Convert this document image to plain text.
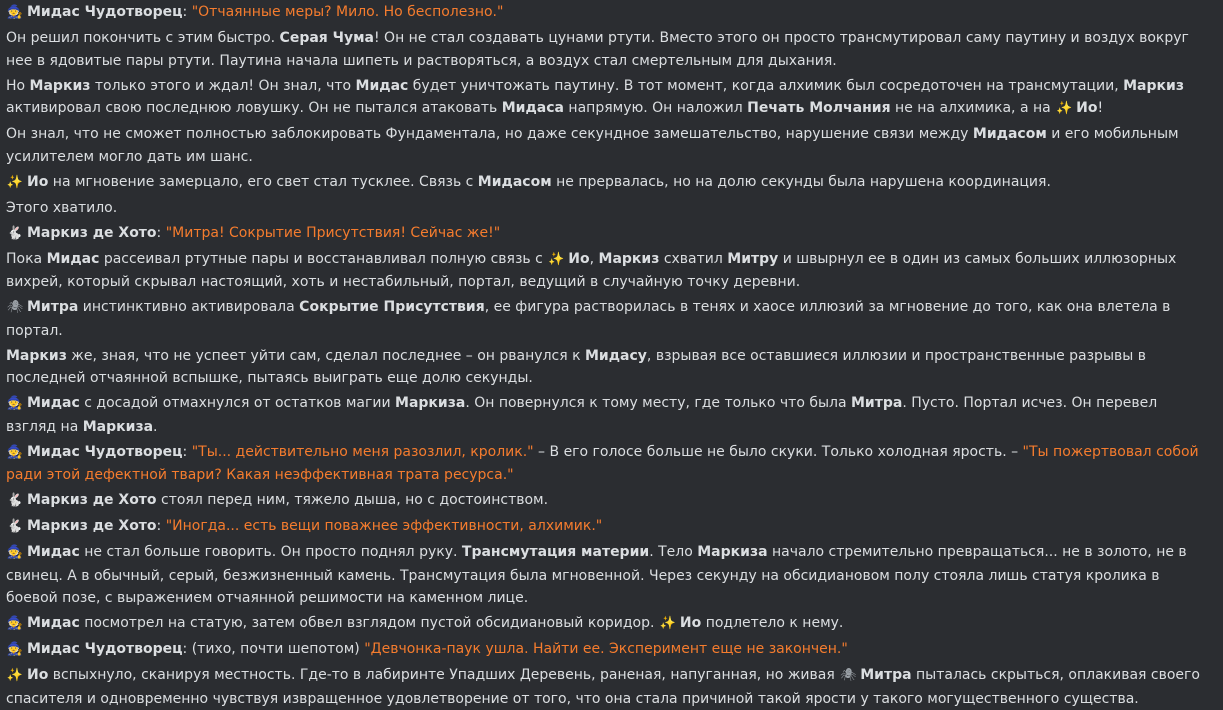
🧙 Мидас Чудотворец: "Отчаянные меры? Мило. Но бесполезно."
Он решил покончить с этим быстро. Серая Чума! Он не стал создавать цунами ртути. Вместо этого он просто трансмутировал саму паутину и воздух вокруг нее в ядовитые пары ртути. Паутина начала шипеть и растворяться, а воздух стал смертельным для дыхания.
Но Маркиз только этого и ждал! Он знал, что Мидас будет уничтожать паутину. В тот момент, когда алхимик был сосредоточен на трансмутации, Маркиз активировал свою последнюю ловушку. Он не пытался атаковать Мидаса напрямую. Он наложил Печать Молчания не на алхимика, а на ✨ Ио!
Он знал, что не сможет полностью заблокировать Фундаментала, но даже секундное замешательство, нарушение связи между Мидасом и его мобильным усилителем могло дать им шанс.
✨ Ио на мгновение замерцало, его свет стал тусклее. Связь с Мидасом не прервалась, но на долю секунды была нарушена координация.
Этого хватило.
🐇 Маркиз де Хото: "Митра! Сокрытие Присутствия! Сейчас же!"
Пока Мидас рассеивал ртутные пары и восстанавливал полную связь с ✨ Ио, Маркиз схватил Митру и швырнул ее в один из самых больших иллюзорных вихрей, который скрывал настоящий, хоть и нестабильный, портал, ведущий в случайную точку деревни.
🕷 Митра инстинктивно активировала Сокрытие Присутствия, ее фигура растворилась в тенях и хаосе иллюзий за мгновение до того, как она влетела в портал.
Маркиз же, зная, что не успеет уйти сам, сделал последнее – он рванулся к Мидасу, взрывая все оставшиеся иллюзии и пространственные разрывы в последней отчаянной вспышке, пытаясь выиграть еще долю секунды.
🧙 Мидас с досадой отмахнулся от остатков магии Маркиза. Он повернулся к тому месту, где только что была Митра. Пусто. Портал исчез. Он перевел взгляд на Маркиза.
🧙 Мидас Чудотворец: "Ты... действительно меня разозлил, кролик." – В его голосе больше не было скуки. Только холодная ярость. – "Ты пожертвовал собой ради этой дефектной твари? Какая неэффективная трата ресурса."
🐇 Маркиз де Хото стоял перед ним, тяжело дыша, но с достоинством.
🐇 Маркиз де Хото: "Иногда... есть вещи поважнее эффективности, алхимик."
🧙 Мидас не стал больше говорить. Он просто поднял руку. Трансмутация материи. Тело Маркиза начало стремительно превращаться... не в золото, не в свинец. А в обычный, серый, безжизненный камень. Трансмутация была мгновенной. Через секунду на обсидиановом полу стояла лишь статуя кролика в боевой позе, с выражением отчаянной решимости на каменном лице.
🧙 Мидас посмотрел на статую, затем обвел взглядом пустой обсидиановый коридор. ✨ Ио подлетело к нему.
🧙 Мидас Чудотворец: (тихо, почти шепотом) "Девчонка-паук ушла. Найти ее. Эксперимент еще не закончен."
✨ Ио вспыхнуло, сканируя местность. Где-то в лабиринте Упадших Деревень, раненая, напуганная, но живая 🕷 Митра пыталась скрыться, оплакивая своего спасителя и одновременно чувствуя извращенное удовлетворение от того, что она стала причиной такой ярости у такого могущественного существа.
